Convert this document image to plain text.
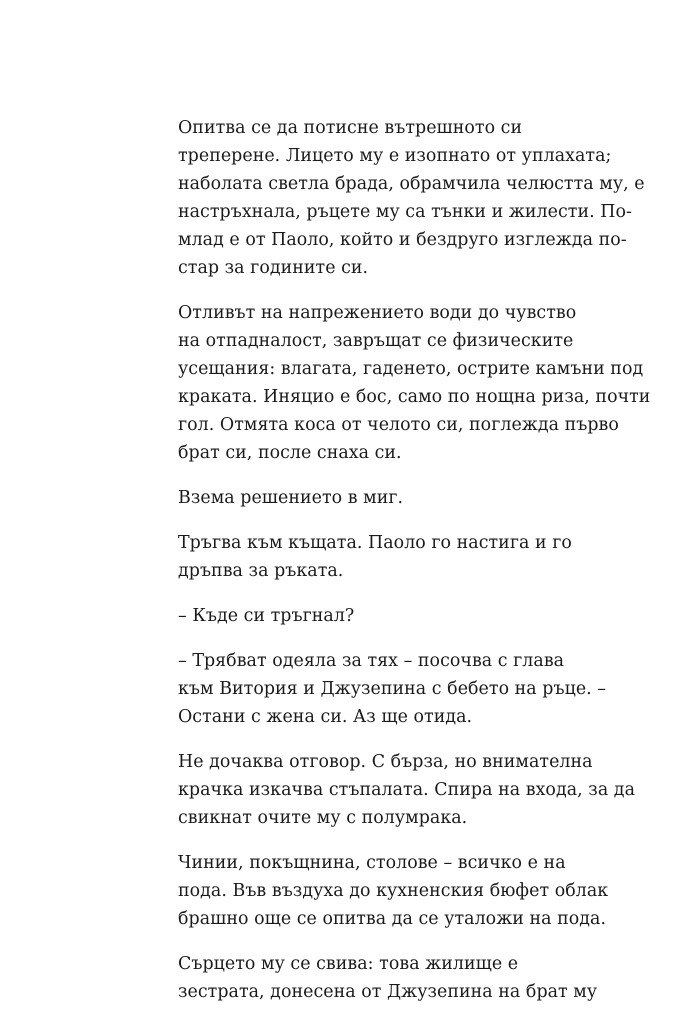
Опитва се да потисне вътрешното си
треперене. Лицето му е изопнато от уплахата;
наболата светла брада, обрамчила челюстта му, е
настръхнала, ръцете му са тънки и жилести. По-
млад е от Паоло, който и бездруго изглежда по-
стар за годините си.

Отливът на напрежението води до чувство
на отпадналост, завръщат се физическите
усещания: влагата, гаденето, острите камъни под
краката. Иняцио е бос, само по нощна риза, почти
гол. Отмята коса от челото си, поглежда първо
брат си, после снаха си.

Взема решението в миг.

Тръгва към къщата. Паоло го настига и го
дръпва за ръката.

– Къде си тръгнал?

– Трябват одеяла за тях – посочва с глава
към Витория и Джузепина с бебето на ръце. –
Остани с жена си. Аз ще отида.

Не дочаква отговор. С бърза, но внимателна
крачка изкачва стъпалата. Спира на входа, за да
свикнат очите му с полумрака.

Чинии, покъщнина, столове – всичко е на
пода. Във въздуха до кухненския бюфет облак
брашно още се опитва да се уталожи на пода.

Сърцето му се свива: това жилище е
зестрата, донесена от Джузепина на брат му
